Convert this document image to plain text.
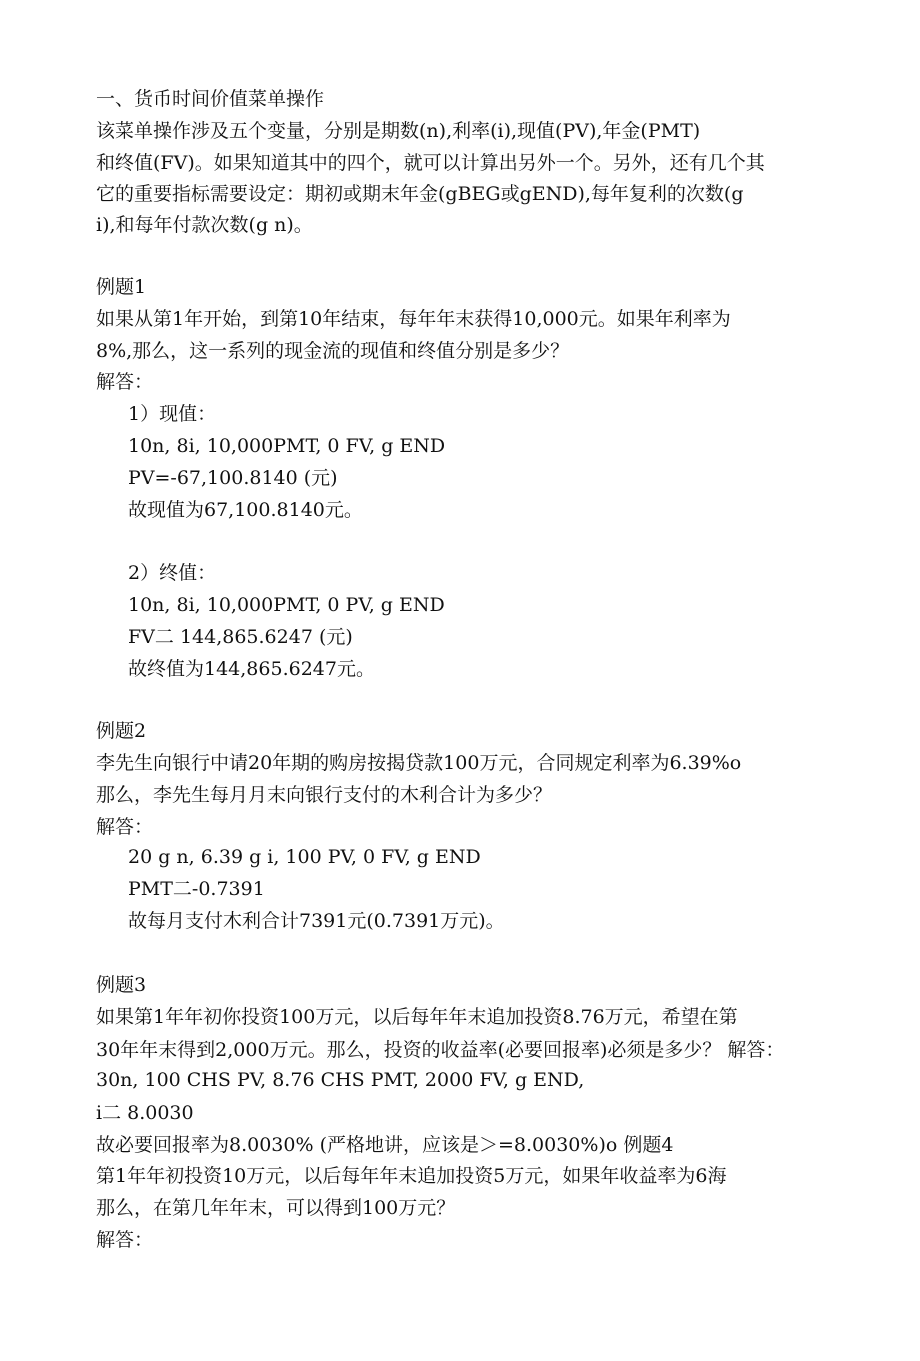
一、货币时间价值菜单操作
该菜单操作涉及五个变量，分别是期数(n),利率(i),现值(PV),年金(PMT)
和终值(FV)。如果知道其中的四个，就可以计算出另外一个。另外，还有几个其
它的重要指标需要设定：期初或期末年金(gBEG或gEND),每年复利的次数(g
i),和每年付款次数(g n)。
例题1
如果从第1年开始，到第10年结束，每年年末获得10,000元。如果年利率为
8%,那么，这一系列的现金流的现值和终值分别是多少？
解答：
1）现值：
10n, 8i, 10,000PMT, 0 FV, g END
PV=-67,100.8140 (元)
故现值为67,100.8140元。
2）终值：
10n, 8i, 10,000PMT, 0 PV, g END
FV二 144,865.6247 (元)
故终值为144,865.6247元。
例题2
李先生向银行中请20年期的购房按揭贷款100万元，合同规定利率为6.39%o
那么，李先生每月月末向银行支付的木利合计为多少？
解答：
20 g n, 6.39 g i, 100 PV, 0 FV, g END
PMT二-0.7391
故每月支付木利合计7391元(0.7391万元)。
例题3
如果第1年年初你投资100万元，以后每年年末追加投资8.76万元，希望在第
30年年末得到2,000万元。那么，投资的收益率(必要回报率)必须是多少？ 解答：
30n, 100 CHS PV, 8.76 CHS PMT, 2000 FV, g END,
i二 8.0030
故必要回报率为8.0030% (严格地讲，应该是＞=8.0030%)o 例题4
第1年年初投资10万元，以后每年年末追加投资5万元，如果年收益率为6海
那么，在第几年年末，可以得到100万元？
解答：
